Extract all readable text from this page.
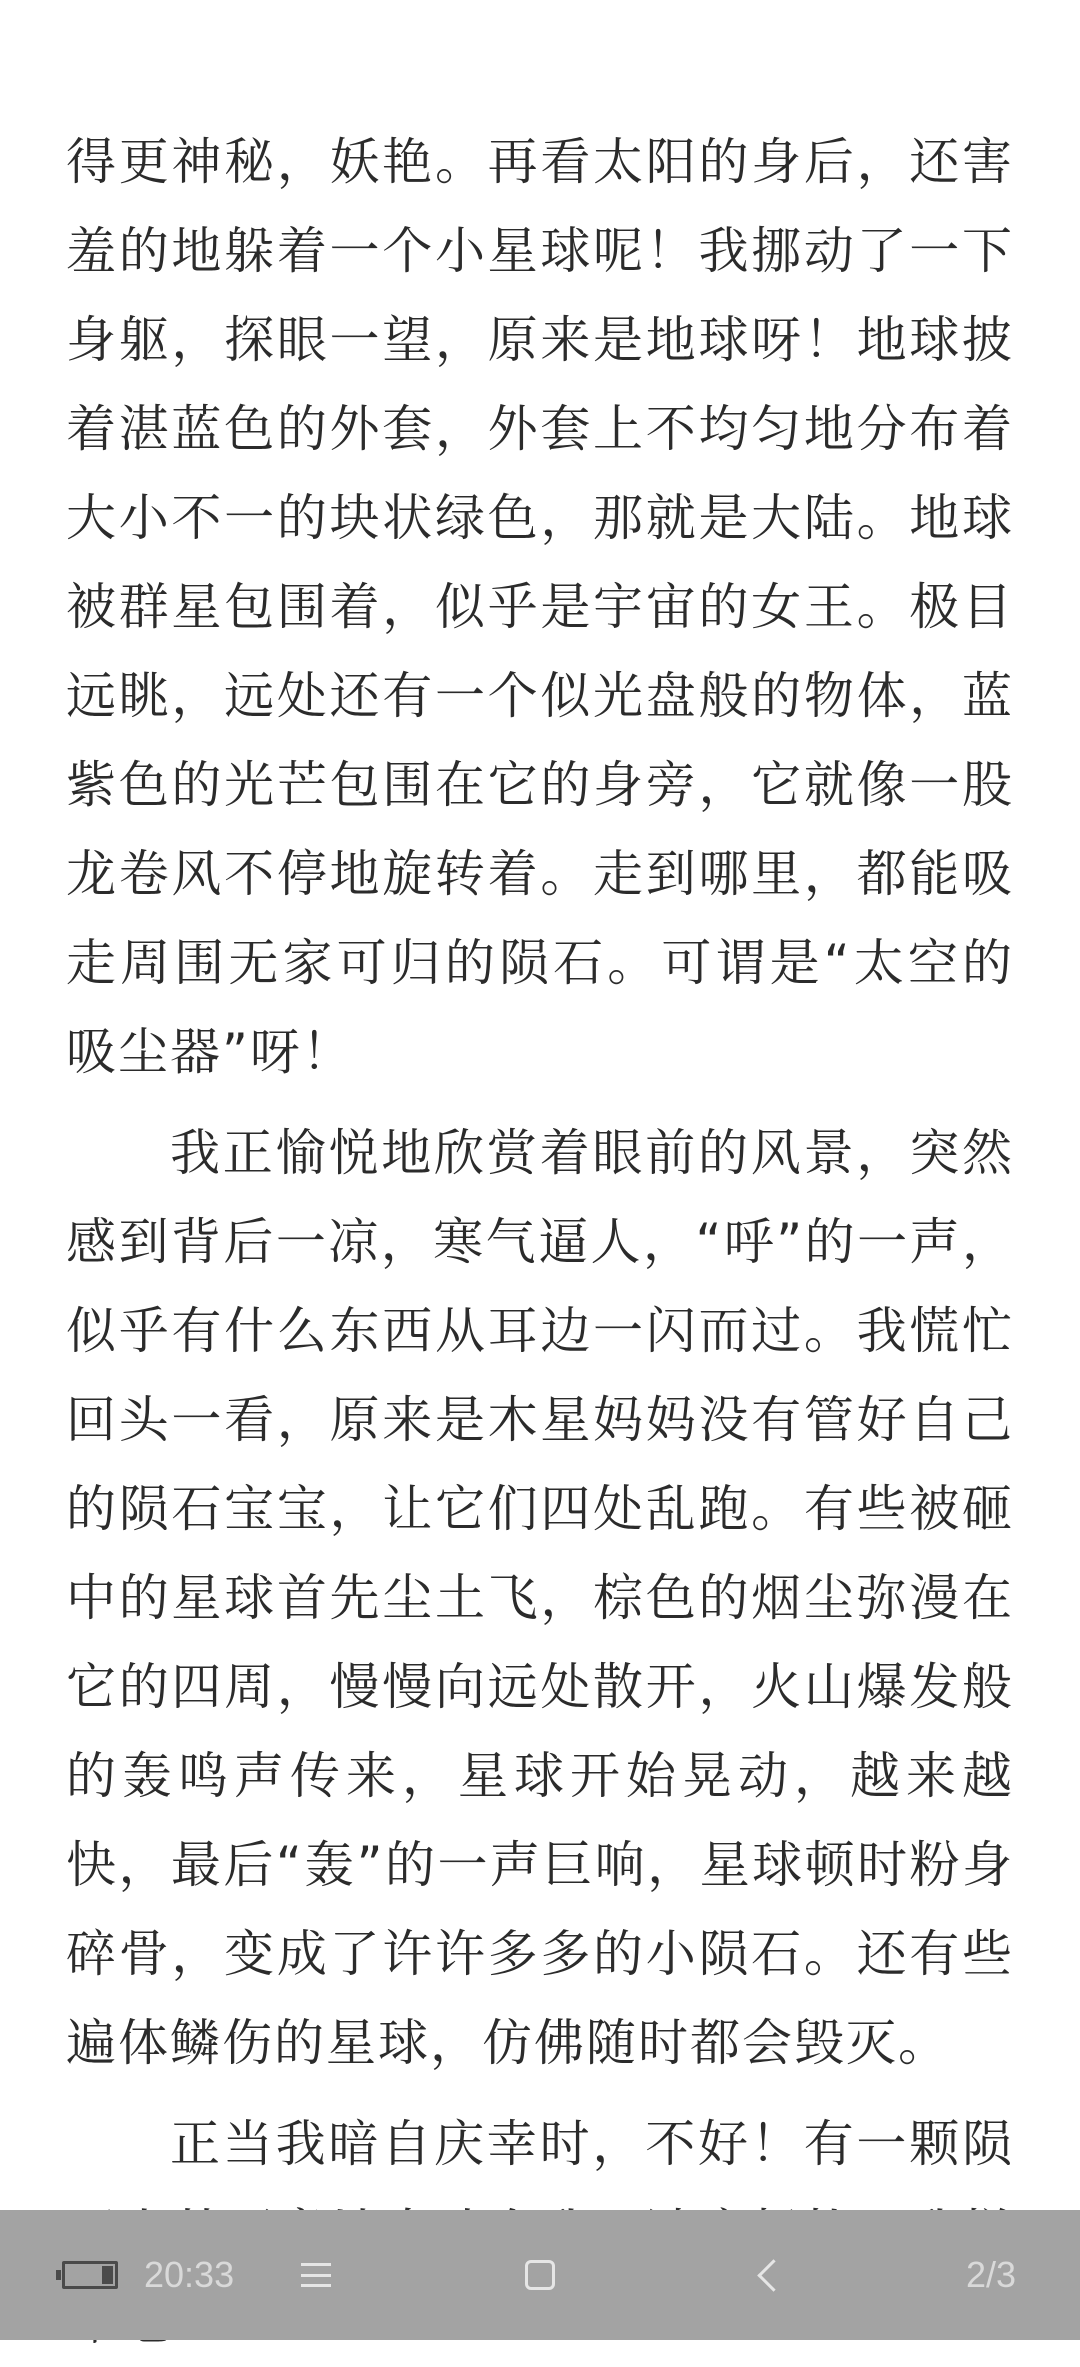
得更神秘，妖艳。再看太阳的身后，还害羞的地躲着一个小星球呢！我挪动了一下身躯，探眼一望，原来是地球呀！地球披着湛蓝色的外套，外套上不均匀地分布着大小不一的块状绿色，那就是大陆。地球被群星包围着，似乎是宇宙的女王。极目远眺，远处还有一个似光盘般的物体，蓝紫色的光芒包围在它的身旁，它就像一股龙卷风不停地旋转着。走到哪里，都能吸走周围无家可归的陨石。可谓是“太空的吸尘器”呀！

我正愉悦地欣赏着眼前的风景，突然感到背后一凉，寒气逼人，“呼”的一声，似乎有什么东西从耳边一闪而过。我慌忙回头一看，原来是木星妈妈没有管好自己的陨石宝宝，让它们四处乱跑。有些被砸中的星球首先尘土飞，棕色的烟尘弥漫在它的四周，慢慢向远处散开，火山爆发般的轰鸣声传来，星球开始晃动，越来越快，最后“轰”的一声巨响，星球顿时粉身碎骨，变成了许许多多的小陨石。还有些遍体鳞伤的星球，仿佛随时都会毁灭。

正当我暗自庆幸时，不好！有一颗陨

20:33	2/3
